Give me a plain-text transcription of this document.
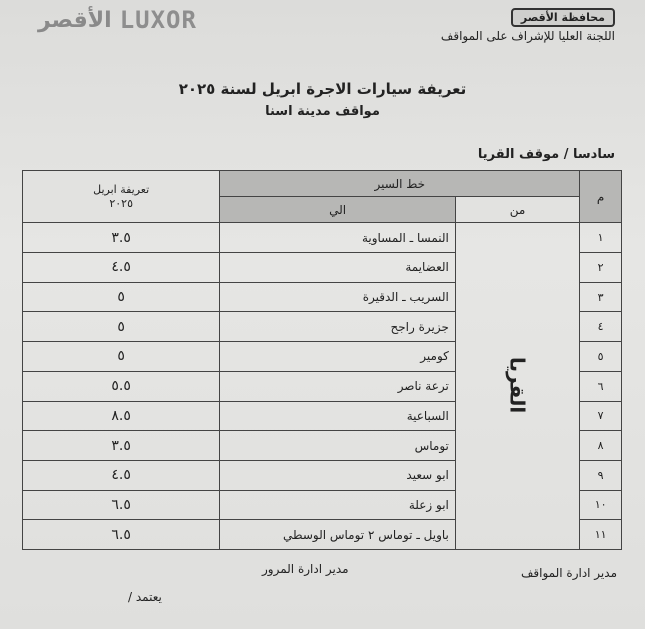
الأقصر LUXOR	محافظة الأقصر
اللجنة العليا للإشراف على المواقف
تعريفة سيارات الاجرة ابريل لسنة ٢٠٢٥
مواقف مدينة اسنا
سادسا / موقف القريا
م	خط السير		تعريفة ابريل
٢٠٢٥

	من	الي	
١	القريا	النمسا ـ المساوية	٣.٥
٢		العضايمة	٤.٥
٣		السريب ـ الدقيرة	٥
٤		جزيرة راجح	٥
٥		كومير	٥
٦		ترعة ناصر	٥.٥
٧		السباعية	٨.٥
٨		توماس	٣.٥
٩		ابو سعيد	٤.٥
١٠		ابو زعلة	٦.٥
١١		باويل ـ توماس ٢ توماس الوسطي	٦.٥
مدير ادارة المواقف
مدير ادارة المرور
يعتمد /
